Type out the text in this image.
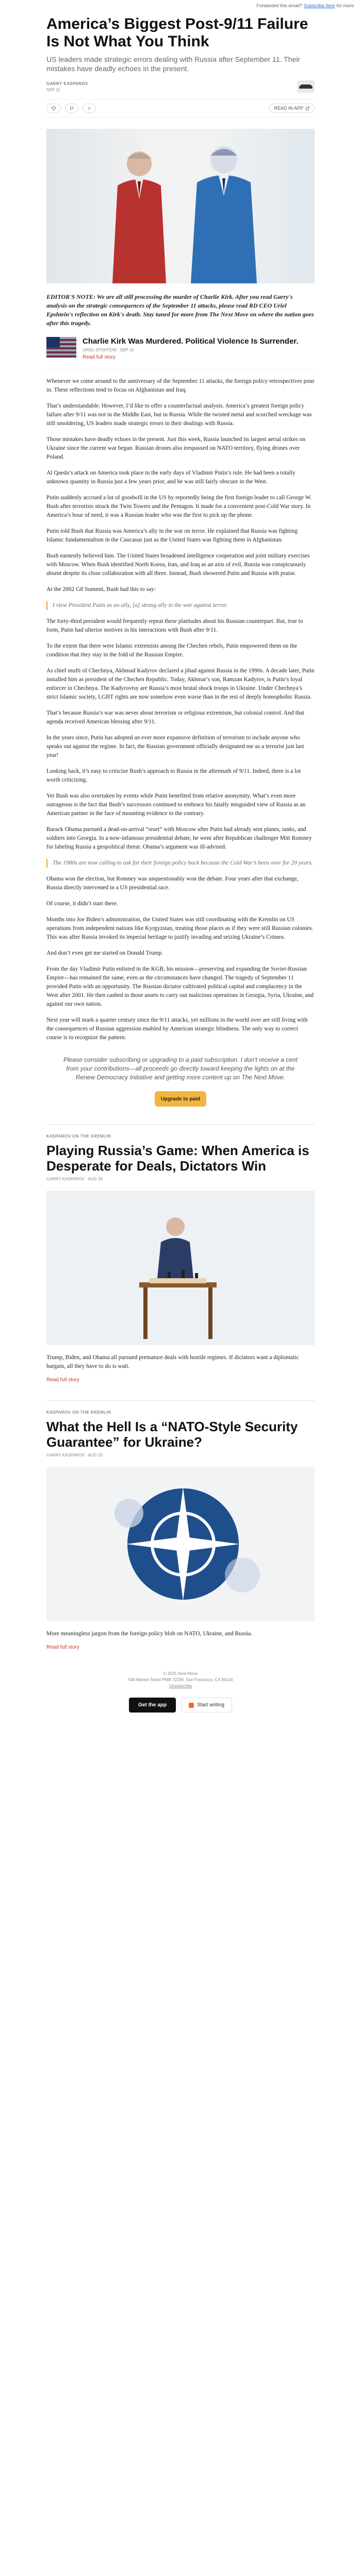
Forwarded this email? Subscribe here for more
America’s Biggest Post-9/11 Failure Is Not What You Think
US leaders made strategic errors dealing with Russia after September 11. Their mistakes have deadly echoes in the present.
GARRY KASPAROV
SEP 11
READ IN APP

EDITOR'S NOTE: We are all still processing the murder of Charlie Kirk. After you read Garry's analysis on the strategic consequences of the September 11 attacks, please read RD CEO Uriel Epshtein's reflection on Kirk's death. Stay tuned for more from The Next Move on where the nation goes after this tragedy.

Charlie Kirk Was Murdered. Political Violence Is Surrender.
URIEL EPSHTEIN · SEP 10
Read full story

Whenever we come around to the anniversary of the September 11 attacks, the foreign policy retrospectives pour in. These reflections tend to focus on Afghanistan and Iraq.

That’s understandable. However, I’d like to offer a counterfactual analysis. America’s greatest foreign policy failure after 9/11 was not in the Middle East, but in Russia. While the twisted metal and scorched wreckage was still smoldering, US leaders made strategic errors in their dealings with Russia.

Those mistakes have deadly echoes in the present. Just this week, Russia launched its largest aerial strikes on Ukraine since the current war began. Russian drones also trespassed on NATO territory, flying drones over Poland.

Al Qaeda’s attack on America took place in the early days of Vladimir Putin’s rule. He had been a totally unknown quantity in Russia just a few years prior, and he was still fairly obscure in the West.

Putin suddenly accrued a lot of goodwill in the US by reportedly being the first foreign leader to call George W. Bush after terrorists struck the Twin Towers and the Pentagon. It made for a convenient post-Cold War story. In America’s hour of need, it was a Russian leader who was the first to pick up the phone.

Putin told Bush that Russia was America’s ally in the war on terror. He explained that Russia was fighting Islamic fundamentalism in the Caucasus just as the United States was fighting them in Afghanistan.

Bush earnestly believed him. The United States broadened intelligence cooperation and joint military exercises with Moscow. When Bush identified North Korea, Iran, and Iraq as an axis of evil, Russia was conspicuously absent despite its close collaboration with all three. Instead, Bush showered Putin and Russia with praise.

At the 2002 G8 Summit, Bush had this to say:

I view President Putin as an ally, [a] strong ally in the war against terror.

The forty-third president would frequently repeat these platitudes about his Russian counterpart. But, true to form, Putin had ulterior motives in his interactions with Bush after 9/11.

To the extent that there were Islamic extremists among the Chechen rebels, Putin empowered them on the condition that they stay in the fold of the Russian Empire.

As chief mufti of Chechnya, Akhmad Kadyrov declared a jihad against Russia in the 1990s. A decade later, Putin installed him as president of the Chechen Republic. Today, Akhmat’s son, Ramzan Kadyrov, is Putin’s loyal enforcer in Chechnya. The Kadyrovtsy are Russia’s most brutal shock troops in Ukraine. Under Chechnya’s strict Islamic society, LGBT rights are now somehow even worse than in the rest of deeply homophobic Russia.

That’s because Russia’s war was never about terrorism or religious extremism, but colonial control. And that agenda received American blessing after 9/11.

In the years since, Putin has adopted an ever more expansive definition of terrorism to include anyone who speaks out against the regime. In fact, the Russian government officially designated me as a terrorist just last year!

Looking back, it’s easy to criticize Bush’s approach to Russia in the aftermath of 9/11. Indeed, there is a lot worth criticizing.

Yet Bush was also overtaken by events while Putin benefited from relative anonymity. What’s even more outrageous is the fact that Bush’s successors continued to embrace his fatally misguided view of Russia as an American partner in the face of mounting evidence to the contrary.

Barack Obama pursued a dead-on-arrival “reset” with Moscow after Putin had already sent planes, tanks, and soldiers into Georgia. In a now-infamous presidential debate, he went after Republican challenger Mitt Romney for labeling Russia a geopolitical threat. Obama’s argument was ill-advised.

The 1980s are now calling to ask for their foreign policy back because the Cold War’s been over for 20 years.

Obama won the election, but Romney was unquestionably won the debate. Four years after that exchange, Russia directly intervened in a US presidential race.

Of course, it didn’t start there.

Months into Joe Biden’s administration, the United States was still coordinating with the Kremlin on US operations from independent nations like Kyrgyzstan, treating those places as if they were still Russian colonies. This was after Russia invoked its imperial heritage to justify invading and seizing Ukraine’s Crimea.

And don’t even get me started on Donald Trump.

From the day Vladimir Putin enlisted in the KGB, his mission—preserving and expanding the Soviet-Russian Empire—has remained the same, even as the circumstances have changed. The tragedy of September 11 provided Putin with an opportunity. The Russian dictator cultivated political capital and complacency in the West after 2001. He then cashed in those assets to carry out malicious operations in Georgia, Syria, Ukraine, and against our own nation.

Next year will mark a quarter century since the 9/11 attacks, yet millions in the world over are still living with the consequences of Russian aggression enabled by American strategic blindness. The only way to correct course is to recognize the pattern.

Please consider subscribing or upgrading to a paid subscription. I don't receive a cent from your contributions—all proceeds go directly toward keeping the lights on at the Renew Democracy Initiative and getting more content up on The Next Move.

Upgrade to paid
KASPAROV ON THE KREMLIN
Playing Russia’s Game: When America is Desperate for Deals, Dictators Win
GARRY KASPAROV · AUG 28

Trump, Biden, and Obama all pursued premature deals with hostile regimes. If dictators want a diplomatic bargain, all they have to do is wait.

Read full story
KASPAROV ON THE KREMLIN
What the Hell Is a “NATO-Style Security Guarantee” for Ukraine?
GARRY KASPAROV · AUG 20

More meaningless jargon from the foreign policy blob on NATO, Ukraine, and Russia.

Read full story
© 2025 Next Move
548 Market Street PMB 72296, San Francisco, CA 94104
Unsubscribe
Get the app	Start writing
